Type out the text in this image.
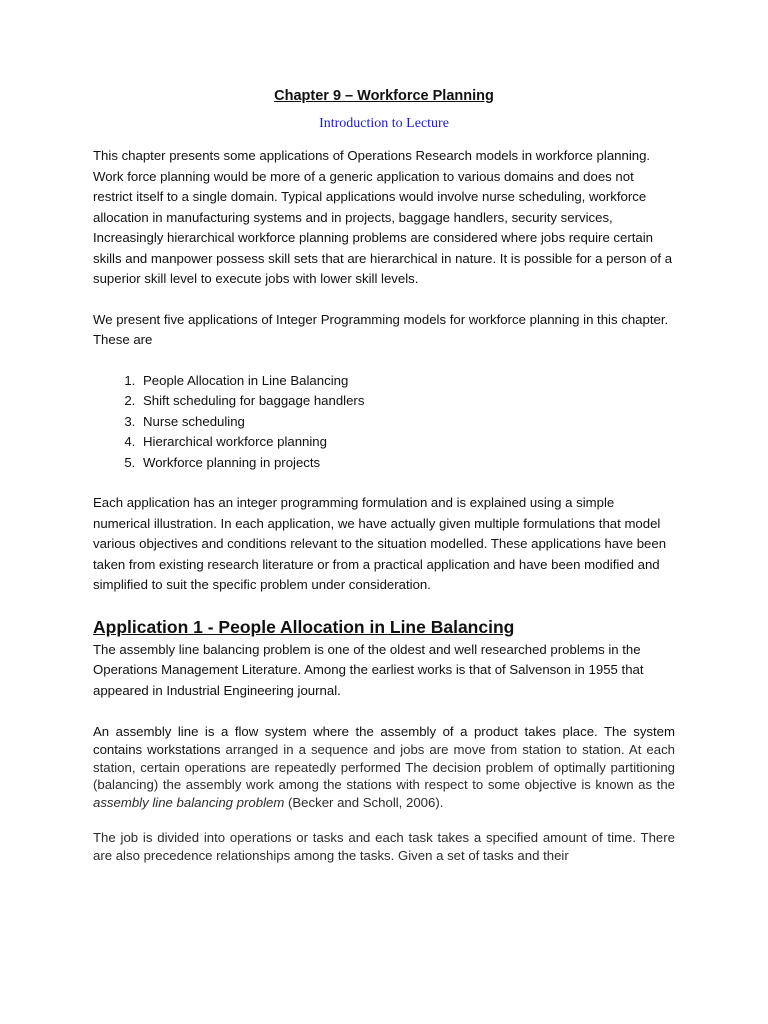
Chapter 9 – Workforce Planning
Introduction to Lecture

This chapter presents some applications of Operations Research models in workforce planning. Work force planning would be more of a generic application to various domains and does not restrict itself to a single domain. Typical applications would involve nurse scheduling, workforce allocation in manufacturing systems and in projects, baggage handlers, security services, Increasingly hierarchical workforce planning problems are considered where jobs require certain skills and manpower possess skill sets that are hierarchical in nature. It is possible for a person of a superior skill level to execute jobs with lower skill levels.

We present five applications of Integer Programming models for workforce planning in this chapter. These are

1. People Allocation in Line Balancing
2. Shift scheduling for baggage handlers
3. Nurse scheduling
4. Hierarchical workforce planning
5. Workforce planning in projects

Each application has an integer programming formulation and is explained using a simple numerical illustration. In each application, we have actually given multiple formulations that model various objectives and conditions relevant to the situation modelled. These applications have been taken from existing research literature or from a practical application and have been modified and simplified to suit the specific problem under consideration.

Application 1 - People Allocation in Line Balancing

The assembly line balancing problem is one of the oldest and well researched problems in the Operations Management Literature. Among the earliest works is that of Salvenson in 1955 that appeared in Industrial Engineering journal.

An assembly line is a flow system where the assembly of a product takes place. The system contains workstations arranged in a sequence and jobs are move from station to station. At each station, certain operations are repeatedly performed The decision problem of optimally partitioning (balancing) the assembly work among the stations with respect to some objective is known as the assembly line balancing problem (Becker and Scholl, 2006).

The job is divided into operations or tasks and each task takes a specified amount of time. There are also precedence relationships among the tasks. Given a set of tasks and their
